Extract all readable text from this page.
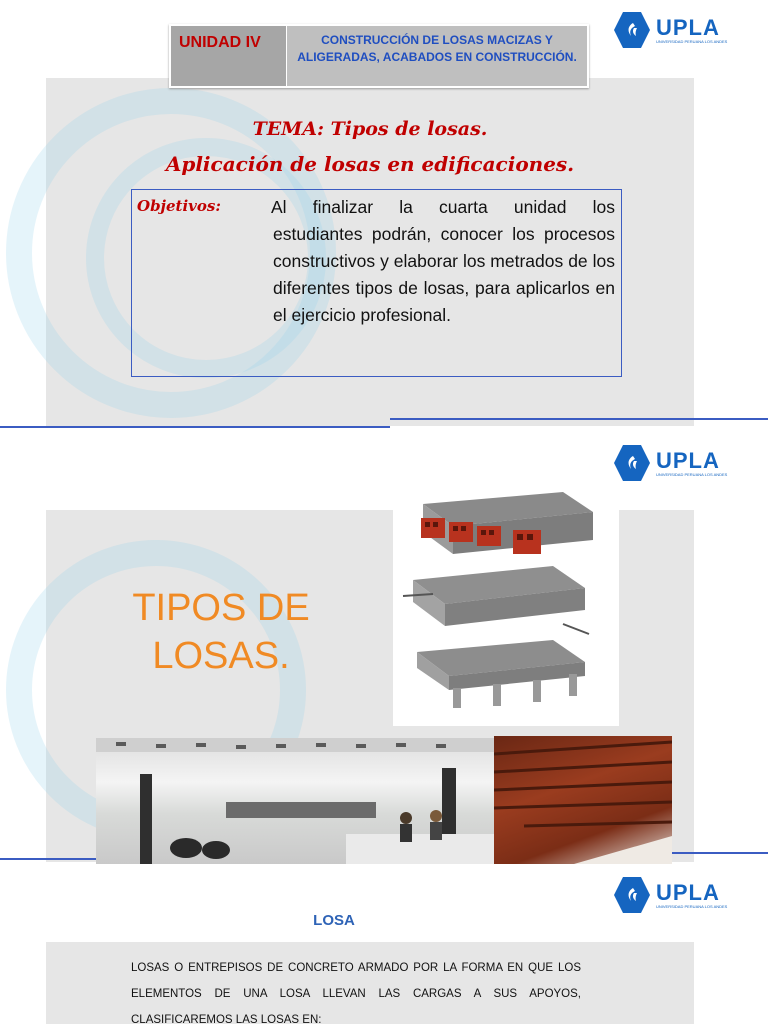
UNIDAD IV	CONSTRUCCIÓN DE LOSAS MACIZAS Y ALIGERADAS, ACABADOS EN CONSTRUCCIÓN.
UPLA
UNIVERSIDAD PERUANA LOS ANDES
TEMA: Tipos de losas.
Aplicación de losas en edificaciones.
Objetivos:	Al finalizar la cuarta unidad los
estudiantes podrán, conocer los procesos constructivos y elaborar los metrados de los diferentes tipos de losas, para aplicarlos en el ejercicio profesional.
UPLA
UNIVERSIDAD PERUANA LOS ANDES
TIPOS DE
LOSAS.
UPLA
UNIVERSIDAD PERUANA LOS ANDES
LOSA
LOSAS O ENTREPISOS DE CONCRETO ARMADO POR LA FORMA EN QUE LOS ELEMENTOS DE UNA LOSA LLEVAN LAS CARGAS A SUS APOYOS, CLASIFICAREMOS LAS LOSAS EN:
